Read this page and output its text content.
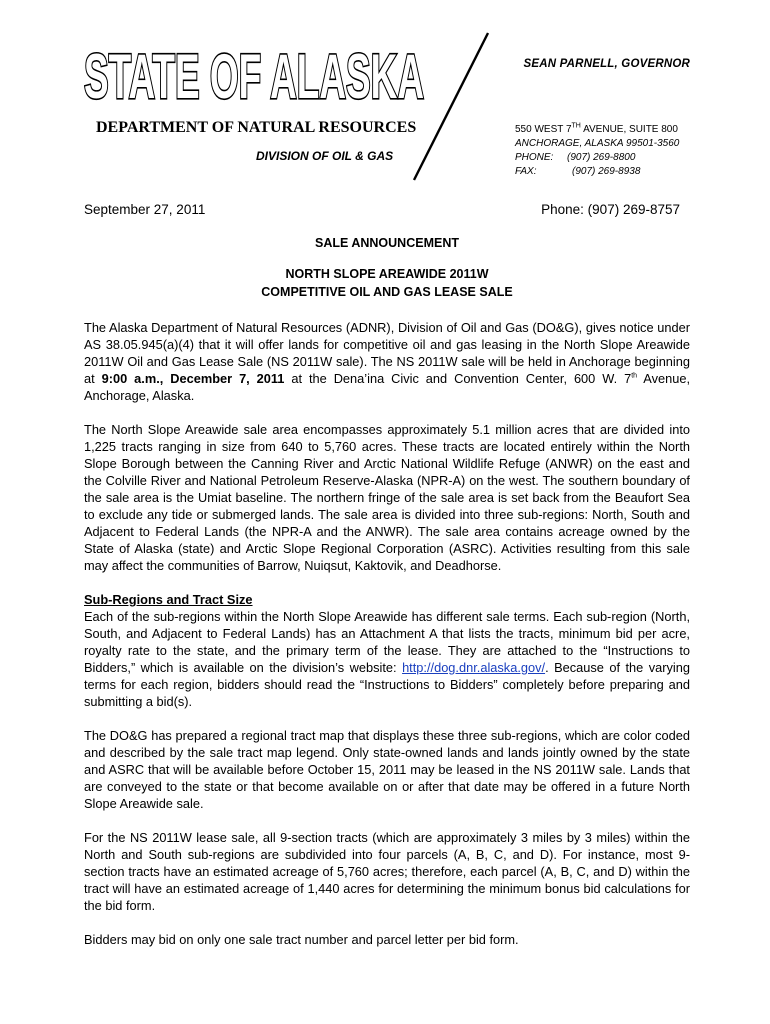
STATE OF ALASKA	SEAN PARNELL, GOVERNOR
DEPARTMENT OF NATURAL RESOURCES
DIVISION OF OIL & GAS
550 WEST 7TH AVENUE, SUITE 800
ANCHORAGE, ALASKA 99501-3560
PHONE: (907) 269-8800
FAX:	(907) 269-8938
September 27, 2011	Phone: (907) 269-8757
SALE ANNOUNCEMENT
NORTH SLOPE AREAWIDE 2011W
COMPETITIVE OIL AND GAS LEASE SALE

The Alaska Department of Natural Resources (ADNR), Division of Oil and Gas (DO&G), gives notice under AS 38.05.945(a)(4) that it will offer lands for competitive oil and gas leasing in the North Slope Areawide 2011W Oil and Gas Lease Sale (NS 2011W sale). The NS 2011W sale will be held in Anchorage beginning at 9:00 a.m., December 7, 2011 at the Dena’ina Civic and Convention Center, 600 W. 7th Avenue, Anchorage, Alaska.

The North Slope Areawide sale area encompasses approximately 5.1 million acres that are divided into 1,225 tracts ranging in size from 640 to 5,760 acres. These tracts are located entirely within the North Slope Borough between the Canning River and Arctic National Wildlife Refuge (ANWR) on the east and the Colville River and National Petroleum Reserve-Alaska (NPR-A) on the west. The southern boundary of the sale area is the Umiat baseline. The northern fringe of the sale area is set back from the Beaufort Sea to exclude any tide or submerged lands. The sale area is divided into three sub-regions: North, South and Adjacent to Federal Lands (the NPR-A and the ANWR). The sale area contains acreage owned by the State of Alaska (state) and Arctic Slope Regional Corporation (ASRC). Activities resulting from this sale may affect the communities of Barrow, Nuiqsut, Kaktovik, and Deadhorse.

Sub-Regions and Tract Size
Each of the sub-regions within the North Slope Areawide has different sale terms. Each sub-region (North, South, and Adjacent to Federal Lands) has an Attachment A that lists the tracts, minimum bid per acre, royalty rate to the state, and the primary term of the lease. They are attached to the “Instructions to Bidders,” which is available on the division’s website: http://dog.dnr.alaska.gov/. Because of the varying terms for each region, bidders should read the “Instructions to Bidders” completely before preparing and submitting a bid(s).

The DO&G has prepared a regional tract map that displays these three sub-regions, which are color coded and described by the sale tract map legend. Only state-owned lands and lands jointly owned by the state and ASRC that will be available before October 15, 2011 may be leased in the NS 2011W sale. Lands that are conveyed to the state or that become available on or after that date may be offered in a future North Slope Areawide sale.

For the NS 2011W lease sale, all 9-section tracts (which are approximately 3 miles by 3 miles) within the North and South sub-regions are subdivided into four parcels (A, B, C, and D). For instance, most 9-section tracts have an estimated acreage of 5,760 acres; therefore, each parcel (A, B, C, and D) within the tract will have an estimated acreage of 1,440 acres for determining the minimum bonus bid calculations for the bid form.

Bidders may bid on only one sale tract number and parcel letter per bid form.
